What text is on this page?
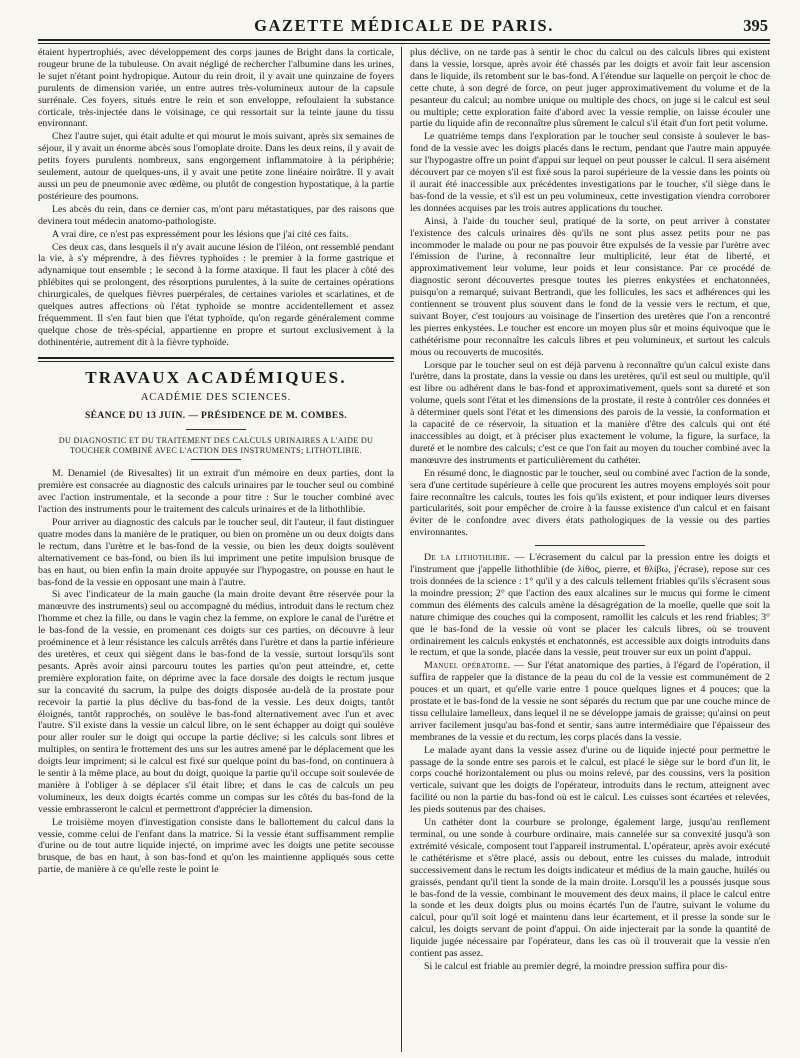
GAZETTE MÉDICALE DE PARIS.	395

étaient hypertrophiés, avec développement des corps jaunes de Bright dans la corticale, rougeur brune de la tubuleuse. On avait négligé de rechercher l'albumine dans les urines, le sujet n'étant point hydropique. Autour du rein droit, il y avait une quinzaine de foyers purulents de dimension variée, un entre autres très-volumineux autour de la capsule surrénale. Ces foyers, situés entre le rein et son enveloppe, refoulaient la substance corticale, très-injectée dans le voisinage, ce qui ressortait sur la teinte jaune du tissu environnant.

Chez l'autre sujet, qui était adulte et qui mourut le mois suivant, après six semaines de séjour, il y avait un énorme abcès sous l'omoplate droite. Dans les deux reins, il y avait de petits foyers purulents nombreux, sans engorgement inflammatoire à la périphérie; seulement, autour de quelques-uns, il y avait une petite zone linéaire noirâtre. Il y avait aussi un peu de pneumonie avec œdème, ou plutôt de congestion hypostatique, à la partie postérieure des poumons.

Les abcès du rein, dans ce dernier cas, m'ont paru métastatiques, par des raisons que devinera tout médecin anatomo-pathologiste.

A vrai dire, ce n'est pas expressément pour les lésions que j'ai cité ces faits.

Ces deux cas, dans lesquels il n'y avait aucune lésion de l'iléon, ont ressemblé pendant la vie, à s'y méprendre, à des fièvres typhoïdes : le premier à la forme gastrique et adynamique tout ensemble ; le second à la forme ataxique. Il faut les placer à côté des phlébites qui se prolongent, des résorptions purulentes, à la suite de certaines opérations chirurgicales, de quelques fièvres puerpérales, de certaines varioles et scarlatines, et de quelques autres affections où l'état typhoïde se montre accidentellement et assez fréquemment. Il s'en faut bien que l'état typhoïde, qu'on regarde généralement comme quelque chose de très-spécial, appartienne en propre et surtout exclusivement à la dothinentérie, autrement dit à la fièvre typhoïde.

TRAVAUX ACADÉMIQUES.
ACADÉMIE DES SCIENCES.
SÉANCE DU 13 JUIN. — PRÉSIDENCE DE M. COMBES.
DU DIAGNOSTIC ET DU TRAITEMENT DES CALCULS URINAIRES A L'AIDE DU TOUCHER COMBINÉ AVEC L'ACTION DES INSTRUMENTS; LITHOTLIBIE.

M. Denamiel (de Rivesaltes) lit un extrait d'un mémoire en deux parties, dont la première est consacrée au diagnostic des calculs urinaires par le toucher seul ou combiné avec l'action instrumentale, et la seconde a pour titre : Sur le toucher combiné avec l'action des instruments pour le traitement des calculs urinaires et de la lithothlibie.

Pour arriver au diagnostic des calculs par le toucher seul, dit l'auteur, il faut distinguer quatre modes dans la manière de le pratiquer, ou bien on promène un ou deux doigts dans le rectum, dans l'urètre et le bas-fond de la vessie, ou bien les deux doigts soulèvent alternativement ce bas-fond, ou bien ils lui impriment une petite impulsion brusque de bas en haut, ou bien enfin la main droite appuyée sur l'hypogastre, on pousse en haut le bas-fond de la vessie en opposant une main à l'autre.

Si avec l'indicateur de la main gauche (la main droite devant être réservée pour la manœuvre des instruments) seul ou accompagné du médius, introduit dans le rectum chez l'homme et chez la fille, ou dans le vagin chez la femme, on explore le canal de l'urètre et le bas-fond de la vessie, en promenant ces doigts sur ces parties, on découvre à leur proéminence et à leur résistance les calculs arrêtés dans l'urètre et dans la partie inférieure des uretères, et ceux qui siègent dans le bas-fond de la vessie, surtout lorsqu'ils sont pesants. Après avoir ainsi parcouru toutes les parties qu'on peut atteindre, et, cette première exploration faite, on déprime avec la face dorsale des doigts le rectum jusque sur la concavité du sacrum, la pulpe des doigts disposée au-delà de la prostate pour recevoir la partie la plus déclive du bas-fond de la vessie. Les deux doigts, tantôt éloignés, tantôt rapprochés, on soulève le bas-fond alternativement avec l'un et avec l'autre. S'il existe dans la vessie un calcul libre, on le sent échapper au doigt qui soulève pour aller rouler sur le doigt qui occupe la partie déclive; si les calculs sont libres et multiples, on sentira le frottement des uns sur les autres amené par le déplacement que les doigts leur impriment; si le calcul est fixé sur quelque point du bas-fond, on continuera à le sentir à la même place, au bout du doigt, quoique la partie qu'il occupe soit soulevée de manière à l'obliger à se déplacer s'il était libre; et dans le cas de calculs un peu volumineux, les deux doigts écartés comme un compas sur les côtés du bas-fond de la vessie embrasseront le calcul et permettront d'apprécier la dimension.

Le troisième moyen d'investigation consiste dans le ballottement du calcul dans la vessie, comme celui de l'enfant dans la matrice. Si la vessie étant suffisamment remplie d'urine ou de tout autre liquide injecté, on imprime avec les doigts une petite secousse brusque, de bas en haut, à son bas-fond et qu'on les maintienne appliqués sous cette partie, de manière à ce qu'elle reste le point le

plus déclive, on ne tarde pas à sentir le choc du calcul ou des calculs libres qui existent dans la vessie, lorsque, après avoir été chassés par les doigts et avoir fait leur ascension dans le liquide, ils retombent sur le bas-fond. A l'étendue sur laquelle on perçoit le choc de cette chute, à son degré de force, on peut juger approximativement du volume et de la pesanteur du calcul; au nombre unique ou multiple des chocs, on juge si le calcul est seul ou multiple; cette exploration faite d'abord avec la vessie remplie, on laisse écouler une partie du liquide afin de reconnaître plus sûrement le calcul s'il était d'un fort petit volume.

Le quatrième temps dans l'exploration par le toucher seul consiste à soulever le bas-fond de la vessie avec les doigts placés dans le rectum, pendant que l'autre main appuyée sur l'hypogastre offre un point d'appui sur lequel on peut pousser le calcul. Il sera aisément découvert par ce moyen s'il est fixé sous la paroi supérieure de la vessie dans les points où il aurait été inaccessible aux précédentes investigations par le toucher, s'il siège dans le bas-fond de la vessie, et s'il est un peu volumineux, cette investigation viendra corroborer les données acquises par les trois autres applications du toucher.

Ainsi, à l'aide du toucher seul, pratiqué de la sorte, on peut arriver à constater l'existence des calculs urinaires dès qu'ils ne sont plus assez petits pour ne pas incommoder le malade ou pour ne pas pouvoir être expulsés de la vessie par l'urètre avec l'émission de l'urine, à reconnaître leur multiplicité, leur état de liberté, et approximativement leur volume, leur poids et leur consistance. Par ce procédé de diagnostic seront découvertes presque toutes les pierres enkystées et enchatonnées, puisqu'on a remarqué, suivant Bertrandi, que les follicules, les sacs et adhérences qui les contiennent se trouvent plus souvent dans le fond de la vessie vers le rectum, et que, suivant Boyer, c'est toujours au voisinage de l'insertion des uretères que l'on a rencontré les pierres enkystées. Le toucher est encore un moyen plus sûr et moins équivoque que le cathétérisme pour reconnaître les calculs libres et peu volumineux, et surtout les calculs mous ou recouverts de mucosités.

Lorsque par le toucher seul on est déjà parvenu à reconnaître qu'un calcul existe dans l'urètre, dans la prostate, dans la vessie ou dans les uretères, qu'il est seul ou multiple, qu'il est libre ou adhérent dans le bas-fond et approximativement, quels sont sa dureté et son volume, quels sont l'état et les dimensions de la prostate, il reste à contrôler ces données et à déterminer quels sont l'état et les dimensions des parois de la vessie, la conformation et la capacité de ce réservoir, la situation et la manière d'être des calculs qui ont été inaccessibles au doigt, et à préciser plus exactement le volume, la figure, la surface, la dureté et le nombre des calculs; c'est ce que l'on fait au moyen du toucher combiné avec la manœuvre des instruments et particulièrement du cathéter.

En résumé donc, le diagnostic par le toucher, seul ou combiné avec l'action de la sonde, sera d'une certitude supérieure à celle que procurent les autres moyens employés soit pour faire reconnaître les calculs, toutes les fois qu'ils existent, et pour indiquer leurs diverses particularités, soit pour empêcher de croire à la fausse existence d'un calcul et en faisant éviter de le confondre avec divers états pathologiques de la vessie ou des parties environnantes.

De la lithothlibie. — L'écrasement du calcul par la pression entre les doigts et l'instrument que j'appelle lithothlibie (de λίθος, pierre, et θλίβω, j'écrase), repose sur ces trois données de la science : 1° qu'il y a des calculs tellement friables qu'ils s'écrasent sous la moindre pression; 2° que l'action des eaux alcalines sur le mucus qui forme le ciment commun des éléments des calculs amène la désagrégation de la moelle, quelle que soit la nature chimique des couches qui la composent, ramollit les calculs et les rend friables; 3° que le bas-fond de la vessie où vont se placer les calculs libres, où se trouvent ordinairement les calculs enkystés et enchatonnés, est accessible aux doigts introduits dans le rectum, et que la sonde, placée dans la vessie, peut trouver sur eux un point d'appui.

Manuel opératoire. — Sur l'état anatomique des parties, à l'égard de l'opération, il suffira de rappeler que la distance de la peau du col de la vessie est communément de 2 pouces et un quart, et qu'elle varie entre 1 pouce quelques lignes et 4 pouces; que la prostate et le bas-fond de la vessie ne sont séparés du rectum que par une couche mince de tissu cellulaire lamelleux, dans lequel il ne se développe jamais de graisse; qu'ainsi on peut arriver facilement jusqu'au bas-fond et sentir, sans autre intermédiaire que l'épaisseur des membranes de la vessie et du rectum, les corps placés dans la vessie.

Le malade ayant dans la vessie assez d'urine ou de liquide injecté pour permettre le passage de la sonde entre ses parois et le calcul, est placé le siège sur le bord d'un lit, le corps couché horizontalement ou plus ou moins relevé, par des coussins, vers la position verticale, suivant que les doigts de l'opérateur, introduits dans le rectum, atteignent avec facilité ou non la partie du bas-fond où est le calcul. Les cuisses sont écartées et relevées, les pieds soutenus par des chaises.

Un cathéter dont la courbure se prolonge, également large, jusqu'au renflement terminal, ou une sonde à courbure ordinaire, mais cannelée sur sa convexité jusqu'à son extrémité vésicale, composent tout l'appareil instrumental. L'opérateur, après avoir exécuté le cathétérisme et s'être placé, assis ou debout, entre les cuisses du malade, introduit successivement dans le rectum les doigts indicateur et médius de la main gauche, huilés ou graissés, pendant qu'il tient la sonde de la main droite. Lorsqu'il les a poussés jusque sous le bas-fond de la vessie, combinant le mouvement des deux mains, il place le calcul entre la sonde et les deux doigts plus ou moins écartés l'un de l'autre, suivant le volume du calcul, pour qu'il soit logé et maintenu dans leur écartement, et il presse la sonde sur le calcul, les doigts servant de point d'appui. On aide injecterait par la sonde la quantité de liquide jugée nécessaire par l'opérateur, dans les cas où il trouverait que la vessie n'en contient pas assez.

Si le calcul est friable au premier degré, la moindre pression suffira pour dis-
